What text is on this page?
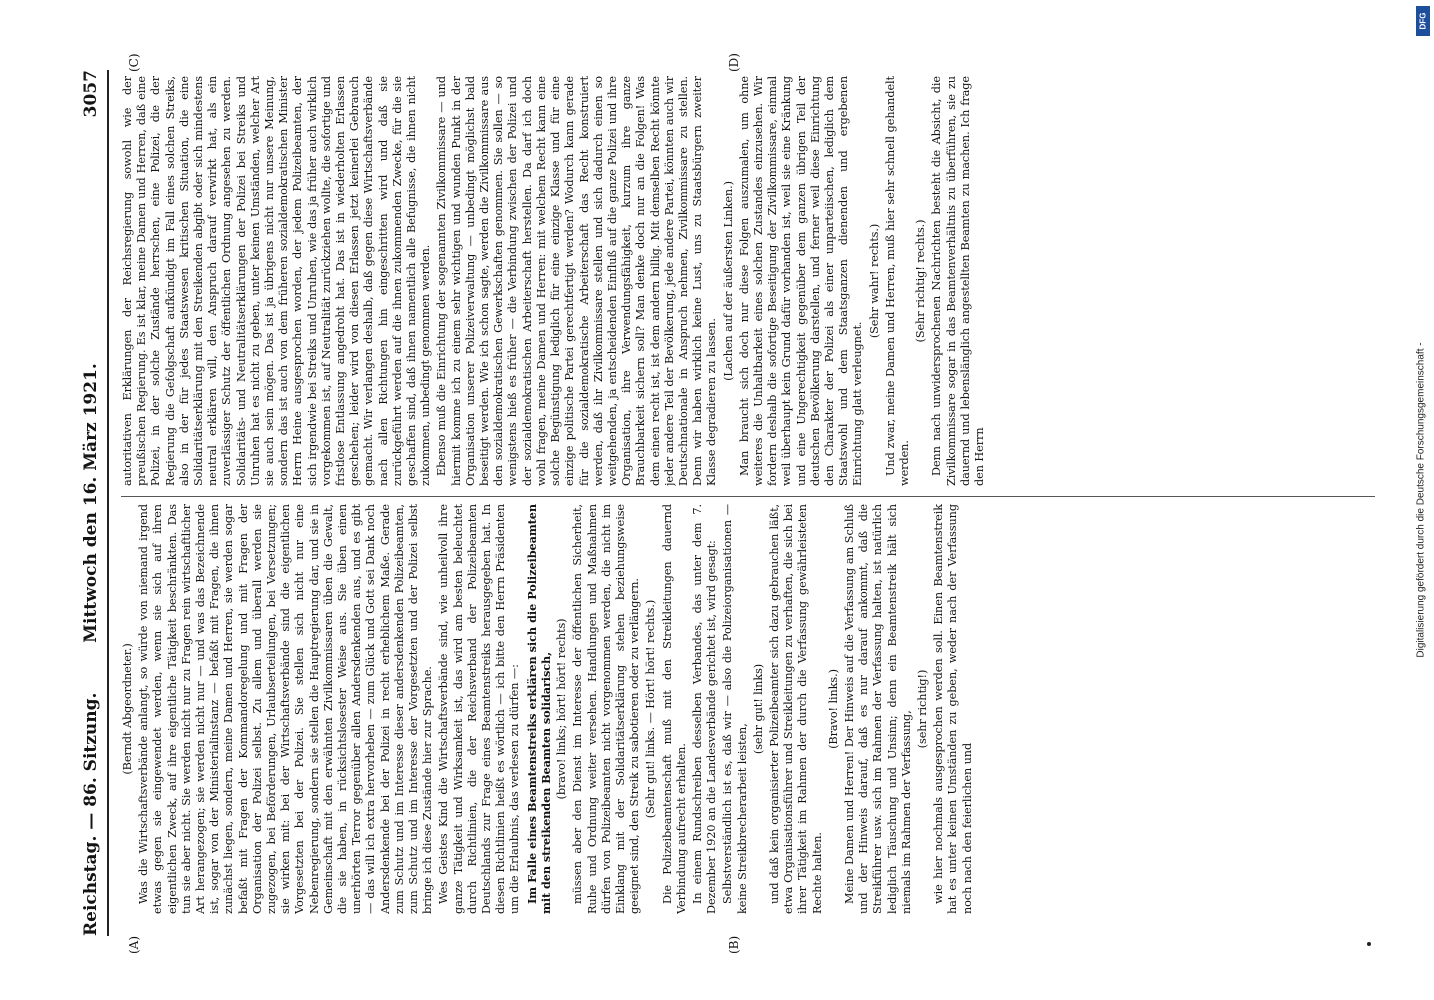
Reichstag. — 86. Sitzung.
Mittwoch den 16. März 1921.
3057
(A)	(B)
(C)	(D)

(Berndt Abgeordneter.) Was die Wirtschaftsverbände anlangt, so würde von niemand irgend etwas gegen sie eingewendet werden, wenn sie sich auf ihren eigentlichen Zweck, auf ihre eigentliche Tätigkeit beschränkten. Das tun sie aber nicht. Sie werden nicht nur zu Fragen rein wirtschaftlicher Art herangezogen; sie werden nicht nur — und was das Bezeichnende ist, sogar von der Ministerialinstanz — befaßt mit Fragen, die ihnen zunächst liegen, sondern, meine Damen und Herren, sie werden sogar befaßt mit Fragen der Kommandoregelung und mit Fragen der Organisation der Polizei selbst. Zu allem und überall werden sie zugezogen, bei Beförderungen, Urlaubserteilungen, bei Versetzungen; sie wirken mit: bei der Wirtschaftsverbände sind die eigentlichen Vorgesetzten bei der Polizei. Sie stellen sich nicht nur eine Nebenregierung, sondern sie stellen die Hauptregierung dar, und sie in Gemeinschaft mit den erwähnten Zivilkommissaren üben die Gewalt, die sie haben, in rücksichtslosester Weise aus. Sie üben einen unerhörten Terror gegenüber allen Andersdenkenden aus, und es gibt — das will ich extra hervorheben — zum Glück und Gott sei Dank noch Andersdenkende bei der Polizei in recht erheblichem Maße. Gerade zum Schutz und im Interesse dieser andersdenkenden Polizeibeamten, zum Schutz und im Interesse der Vorgesetzten und der Polizei selbst bringe ich diese Zustände hier zur Sprache. Wes Geistes Kind die Wirtschaftsverbände sind, wie unheilvoll ihre ganze Tätigkeit und Wirksamkeit ist, das wird am besten beleuchtet durch Richtlinien, die der Reichsverband der Polizeibeamten Deutschlands zur Frage eines Beamtenstreiks herausgegeben hat. In diesen Richtlinien heißt es wörtlich — ich bitte den Herrn Präsidenten um die Erlaubnis, das verlesen zu dürfen —: Im Falle eines Beamtenstreiks erklären sich die Polizeibeamten mit den streikenden Beamten solidarisch, (bravo! links; hört! hört! rechts) müssen aber den Dienst im Interesse der öffentlichen Sicherheit, Ruhe und Ordnung weiter versehen. Handlungen und Maßnahmen dürfen von Polizeibeamten nicht vorgenommen werden, die nicht im Einklang mit der Solidaritätserklärung stehen beziehungsweise geeignet sind, den Streik zu sabotieren oder zu verlängern. (Sehr gut! links. — Hört! hört! rechts.) Die Polizeibeamtenschaft muß mit den Streikleitungen dauernd Verbindung aufrecht erhalten. In einem Rundschreiben desselben Verbandes, das unter dem 7. Dezember 1920 an die Landesverbände gerichtet ist, wird gesagt: Selbstverständlich ist es, daß wir — also die Polizeiorganisationen — keine Streikbrecherarbeit leisten,

(sehr gut! links) und daß kein organisierter Polizeibeamter sich dazu gebrauchen läßt, etwa Organisationsführer und Streikleitungen zu verhaften, die sich bei ihrer Tätigkeit im Rahmen der durch die Verfassung gewährleisteten Rechte halten.

(Bravo! links.) Meine Damen und Herren! Der Hinweis auf die Verfassung am Schluß und der Hinweis darauf, daß es nur darauf ankommt, daß die Streikführer usw. sich im Rahmen der Verfassung halten, ist natürlich lediglich Täuschung und Unsinn; denn ein Beamtenstreik hält sich niemals im Rahmen der Verfassung,

(sehr richtig!) wie hier nochmals ausgesprochen werden soll. Einen Beamtenstreik hat es unter keinen Umständen zu geben, weder nach der Verfassung noch nach den feierlichen und

autoritativen Erklärungen der Reichsregierung sowohl wie der preußischen Regierung. Es ist klar, meine Damen und Herren, daß eine Polizei, in der solche Zustände herrschen, eine Polizei, die der Regierung die Gefolgschaft aufkündigt im Fall eines solchen Streiks, also in der für jedes Staatswesen kritischen Situation, die eine Solidaritätserklärung mit den Streikenden abgibt oder sich mindestens neutral erklären will, den Anspruch darauf verwirkt hat, als ein zuverlässiger Schutz der öffentlichen Ordnung angesehen zu werden. Solidaritäts- und Neutralitätserklärungen der Polizei bei Streiks und Unruhen hat es nicht zu geben, unter keinen Umständen, welcher Art sie auch sein mögen. Das ist ja übrigens nicht nur unsere Meinung, sondern das ist auch von dem früheren sozialdemokratischen Minister Herrn Heine ausgesprochen worden, der jedem Polizeibeamten, der sich irgendwie bei Streiks und Unruhen, wie das ja früher auch wirklich vorgekommen ist, auf Neutralität zurückziehen wollte, die sofortige und fristlose Entlassung angedroht hat. Das ist in wiederholten Erlassen geschehen; leider wird von diesen Erlassen jetzt keinerlei Gebrauch gemacht. Wir verlangen deshalb, daß gegen diese Wirtschaftsverbände nach allen Richtungen hin eingeschritten wird und daß sie zurückgeführt werden auf die ihnen zukommenden Zwecke, für die sie geschaffen sind, daß ihnen namentlich alle Befugnisse, die ihnen nicht zukommen, unbedingt genommen werden. Ebenso muß die Einrichtung der sogenannten Zivilkommissare — und hiermit komme ich zu einem sehr wichtigen und wunden Punkt in der Organisation unserer Polizeiverwaltung — unbedingt möglichst bald beseitigt werden. Wie ich schon sagte, werden die Zivilkommissare aus den sozialdemokratischen Gewerkschaften genommen. Sie sollen — so wenigstens hieß es früher — die Verbindung zwischen der Polizei und der sozialdemokratischen Arbeiterschaft herstellen. Da darf ich doch wohl fragen, meine Damen und Herren: mit welchem Recht kann eine solche Begünstigung lediglich für eine einzige Klasse und für eine einzige politische Partei gerechtfertigt werden? Wodurch kann gerade für die sozialdemokratische Arbeiterschaft das Recht konstruiert werden, daß ihr Zivilkommissare stellen und sich dadurch einen so weitgehenden, ja entscheidenden Einfluß auf die ganze Polizei und ihre Organisation, ihre Verwendungsfähigkeit, kurzum ihre ganze Brauchbarkeit sichern soll? Man denke doch nur an die Folgen! Was dem einen recht ist, ist dem andern billig. Mit demselben Recht könnte jeder andere Teil der Bevölkerung, jede andere Partei, könnten auch wir Deutschnationale in Anspruch nehmen, Zivilkommissare zu stellen. Denn wir haben wirklich keine Lust, uns zu Staatsbürgern zweiter Klasse degradieren zu lassen.

(Lachen auf der äußersten Linken.) Man braucht sich doch nur diese Folgen auszumalen, um ohne weiteres die Unhaltbarkeit eines solchen Zustandes einzusehen. Wir fordern deshalb die sofortige Beseitigung der Zivilkommissare, einmal weil überhaupt kein Grund dafür vorhanden ist, weil sie eine Kränkung und eine Ungerechtigkeit gegenüber dem ganzen übrigen Teil der deutschen Bevölkerung darstellen, und ferner weil diese Einrichtung den Charakter der Polizei als einer unparteiischen, lediglich dem Staatswohl und dem Staatsganzen dienenden und ergebenen Einrichtung glatt verleugnet.

(Sehr wahr! rechts.) Und zwar, meine Damen und Herren, muß hier sehr schnell gehandelt werden.

(Sehr richtig! rechts.) Denn nach unwidersprochenen Nachrichten besteht die Absicht, die Zivilkommissare sogar in das Beamtenverhältnis zu überführen, sie zu dauernd und lebenslänglich angestellten Beamten zu machen. Ich frage den Herrn

DFG
Digitalisierung gefördert durch die Deutsche Forschungsgemeinschaft -
